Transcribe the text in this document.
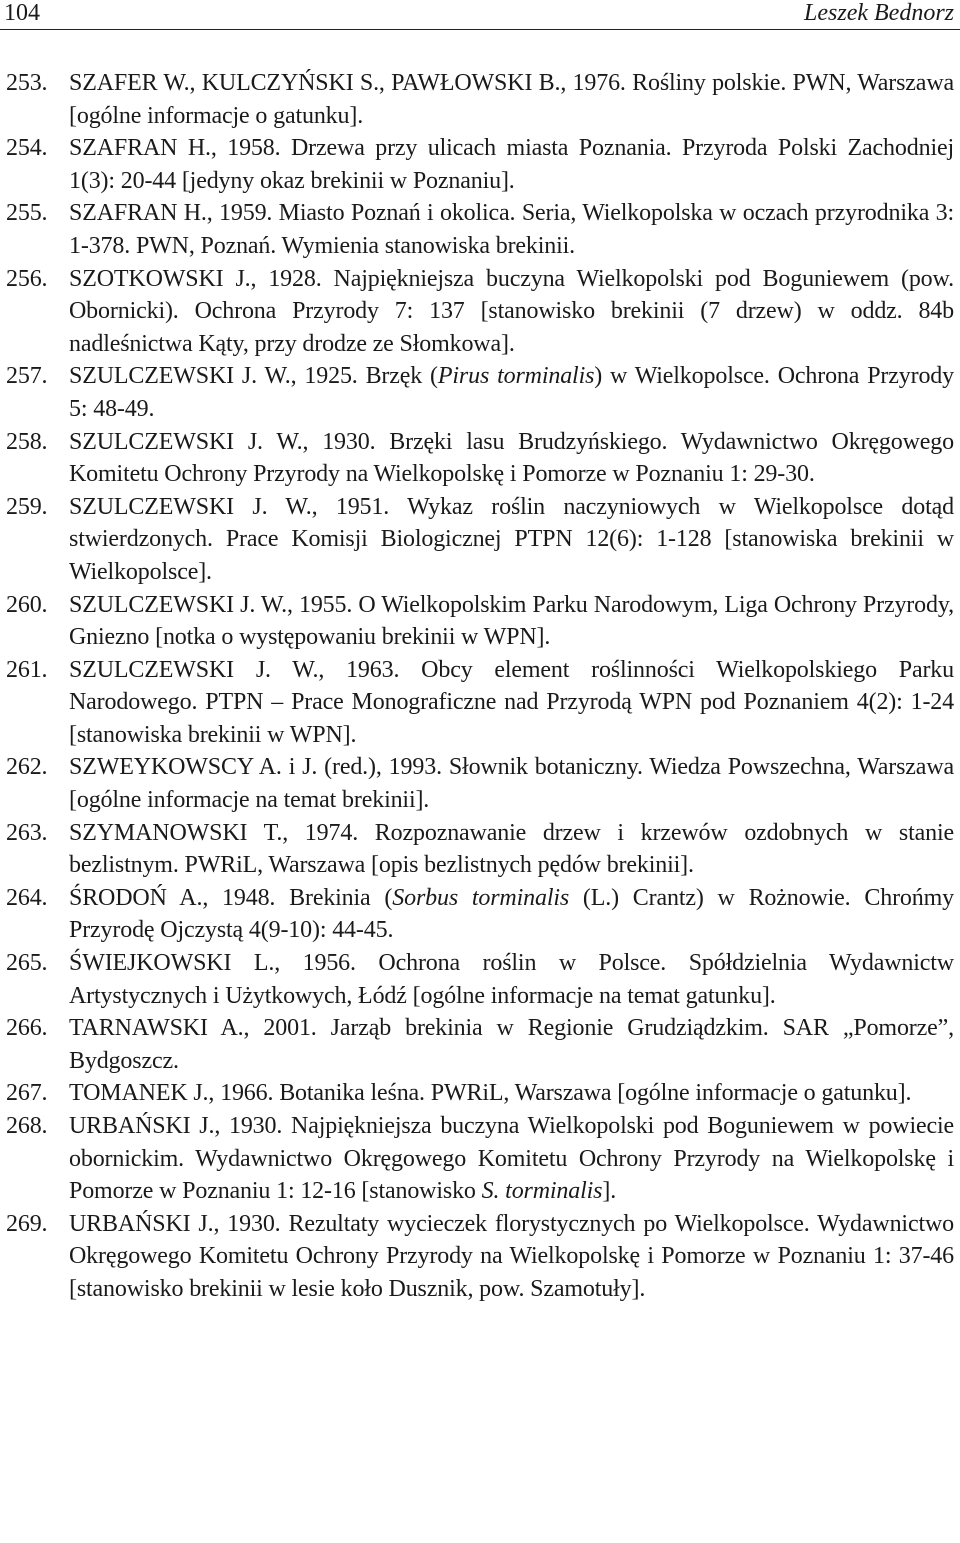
104	Leszek Bednorz
253. SZAFER W., KULCZYŃSKI S., PAWŁOWSKI B., 1976. Rośliny polskie. PWN, Warszawa [ogólne informacje o gatunku].
254. SZAFRAN H., 1958. Drzewa przy ulicach miasta Poznania. Przyroda Polski Zachodniej 1(3): 20-44 [jedyny okaz brekinii w Poznaniu].
255. SZAFRAN H., 1959. Miasto Poznań i okolica. Seria, Wielkopolska w oczach przyrodnika 3: 1-378. PWN, Poznań. Wymienia stanowiska brekinii.
256. SZOTKOWSKI J., 1928. Najpiękniejsza buczyna Wielkopolski pod Boguniewem (pow. Obornicki). Ochrona Przyrody 7: 137 [stanowisko brekinii (7 drzew) w oddz. 84b nadleśnictwa Kąty, przy drodze ze Słomkowa].
257. SZULCZEWSKI J. W., 1925. Brzęk (Pirus torminalis) w Wielkopolsce. Ochrona Przyrody 5: 48-49.
258. SZULCZEWSKI J. W., 1930. Brzęki lasu Brudzyńskiego. Wydawnictwo Okręgowego Komitetu Ochrony Przyrody na Wielkopolskę i Pomorze w Poznaniu 1: 29-30.
259. SZULCZEWSKI J. W., 1951. Wykaz roślin naczyniowych w Wielkopolsce dotąd stwierdzonych. Prace Komisji Biologicznej PTPN 12(6): 1-128 [stanowiska brekinii w Wielkopolsce].
260. SZULCZEWSKI J. W., 1955. O Wielkopolskim Parku Narodowym, Liga Ochrony Przyrody, Gniezno [notka o występowaniu brekinii w WPN].
261. SZULCZEWSKI J. W., 1963. Obcy element roślinności Wielkopolskiego Parku Narodowego. PTPN – Prace Monograficzne nad Przyrodą WPN pod Poznaniem 4(2): 1-24 [stanowiska brekinii w WPN].
262. SZWEYKOWSCY A. i J. (red.), 1993. Słownik botaniczny. Wiedza Powszechna, Warszawa [ogólne informacje na temat brekinii].
263. SZYMANOWSKI T., 1974. Rozpoznawanie drzew i krzewów ozdobnych w stanie bezlistnym. PWRiL, Warszawa [opis bezlistnych pędów brekinii].
264. ŚRODOŃ A., 1948. Brekinia (Sorbus torminalis (L.) Crantz) w Rożnowie. Chrońmy Przyrodę Ojczystą 4(9-10): 44-45.
265. ŚWIEJKOWSKI L., 1956. Ochrona roślin w Polsce. Spółdzielnia Wydawnictw Artystycznych i Użytkowych, Łódź [ogólne informacje na temat gatunku].
266. TARNAWSKI A., 2001. Jarząb brekinia w Regionie Grudziądzkim. SAR „Pomorze”, Bydgoszcz.
267. TOMANEK J., 1966. Botanika leśna. PWRiL, Warszawa [ogólne informacje o gatunku].
268. URBAŃSKI J., 1930. Najpiękniejsza buczyna Wielkopolski pod Boguniewem w powiecie obornickim. Wydawnictwo Okręgowego Komitetu Ochrony Przyrody na Wielkopolskę i Pomorze w Poznaniu 1: 12-16 [stanowisko S. torminalis].
269. URBAŃSKI J., 1930. Rezultaty wycieczek florystycznych po Wielkopolsce. Wydawnictwo Okręgowego Komitetu Ochrony Przyrody na Wielkopolskę i Pomorze w Poznaniu 1: 37-46 [stanowisko brekinii w lesie koło Dusznik, pow. Szamotuły].
